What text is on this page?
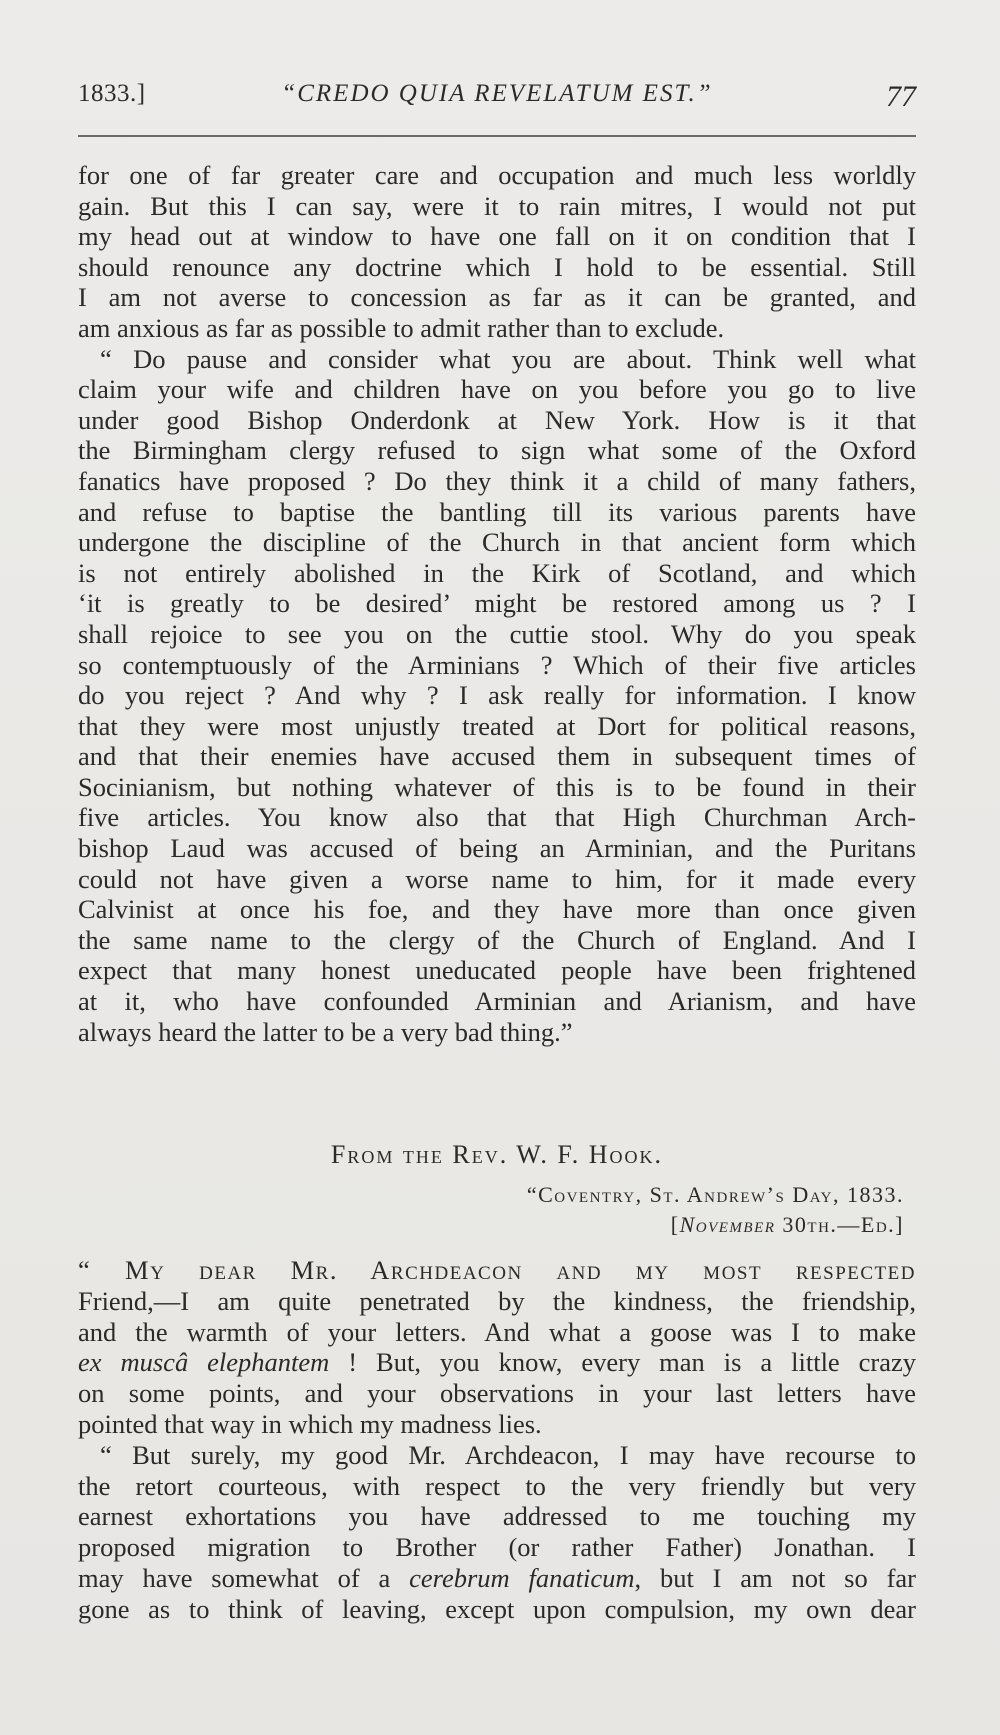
1833.]	“CREDO QUIA REVELATUM EST.”	77
for one of far greater care and occupation and much less worldly
gain. But this I can say, were it to rain mitres, I would not put
my head out at window to have one fall on it on condition that I
should renounce any doctrine which I hold to be essential. Still
I am not averse to concession as far as it can be granted, and
am anxious as far as possible to admit rather than to exclude.
“ Do pause and consider what you are about. Think well what
claim your wife and children have on you before you go to live
under good Bishop Onderdonk at New York. How is it that
the Birmingham clergy refused to sign what some of the Oxford
fanatics have proposed ? Do they think it a child of many fathers,
and refuse to baptise the bantling till its various parents have
undergone the discipline of the Church in that ancient form which
is not entirely abolished in the Kirk of Scotland, and which
‘it is greatly to be desired’ might be restored among us ? I
shall rejoice to see you on the cuttie stool. Why do you speak
so contemptuously of the Arminians ? Which of their five articles
do you reject ? And why ? I ask really for information. I know
that they were most unjustly treated at Dort for political reasons,
and that their enemies have accused them in subsequent times of
Socinianism, but nothing whatever of this is to be found in their
five articles. You know also that that High Churchman Arch-
bishop Laud was accused of being an Arminian, and the Puritans
could not have given a worse name to him, for it made every
Calvinist at once his foe, and they have more than once given
the same name to the clergy of the Church of England. And I
expect that many honest uneducated people have been frightened
at it, who have confounded Arminian and Arianism, and have
always heard the latter to be a very bad thing.”
From the Rev. W. F. Hook.
“Coventry, St. Andrew’s Day, 1833.
[November 30th.—Ed.]
“ My dear Mr. Archdeacon and my most respected
Friend,—I am quite penetrated by the kindness, the friendship,
and the warmth of your letters. And what a goose was I to make
ex muscâ elephantem ! But, you know, every man is a little crazy
on some points, and your observations in your last letters have
pointed that way in which my madness lies.
“ But surely, my good Mr. Archdeacon, I may have recourse to
the retort courteous, with respect to the very friendly but very
earnest exhortations you have addressed to me touching my
proposed migration to Brother (or rather Father) Jonathan. I
may have somewhat of a cerebrum fanaticum, but I am not so far
gone as to think of leaving, except upon compulsion, my own dear
